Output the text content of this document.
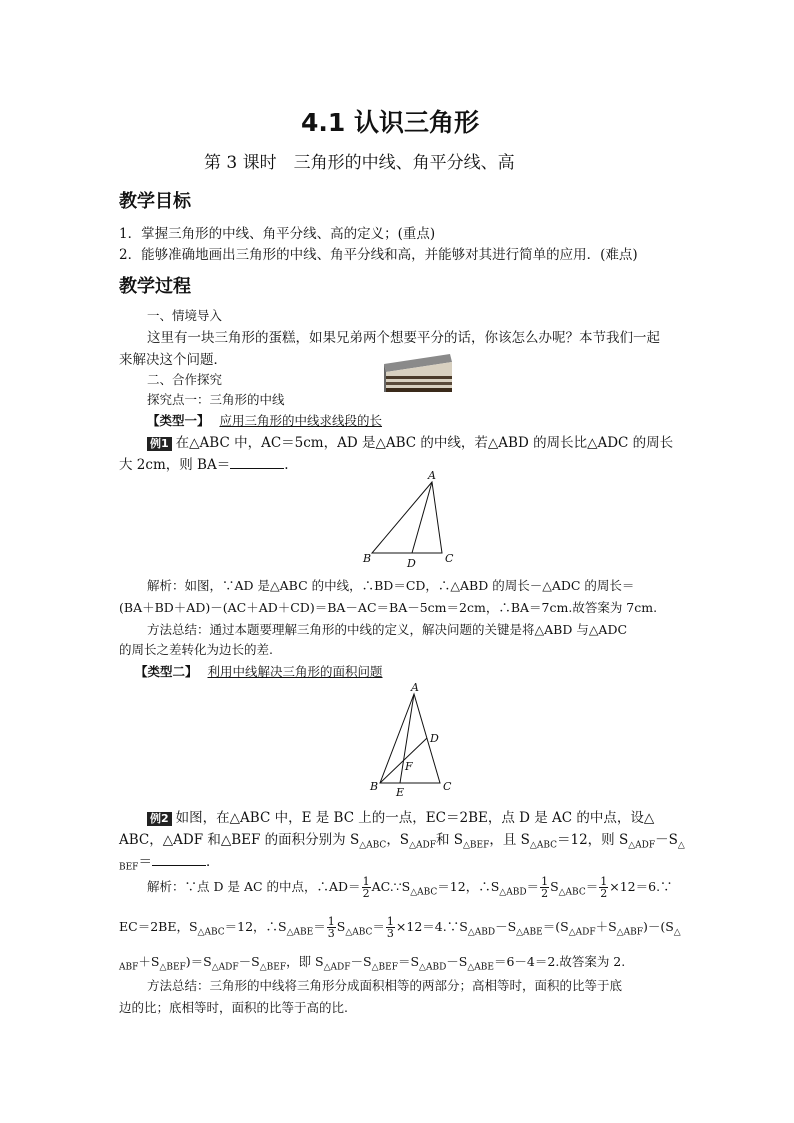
4.1 认识三角形
第 3 课时　三角形的中线、角平分线、高
教学目标
1．掌握三角形的中线、角平分线、高的定义；(重点)
2．能够准确地画出三角形的中线、角平分线和高，并能够对其进行简单的应用．(难点)
教学过程
一、情境导入
这里有一块三角形的蛋糕，如果兄弟两个想要平分的话，你该怎么办呢？本节我们一起
来解决这个问题．
二、合作探究
探究点一：三角形的中线
【类型一】 应用三角形的中线求线段的长
例1 在△ABC 中，AC＝5cm，AD 是△ABC 的中线，若△ABD 的周长比△ADC 的周长
大 2cm，则 BA＝	.
A
B	D	C
解析：如图，∵AD 是△ABC 的中线，∴BD＝CD，∴△ABD 的周长－△ADC 的周长＝
(BA＋BD＋AD)－(AC＋AD＋CD)＝BA－AC＝BA－5cm＝2cm，∴BA＝7cm.故答案为 7cm.
方法总结：通过本题要理解三角形的中线的定义，解决问题的关键是将△ABD 与△ADC
的周长之差转化为边长的差.
【类型二】 利用中线解决三角形的面积问题
A
D
F
B E	C
例2 如图，在△ABC 中，E 是 BC 上的一点，EC＝2BE，点 D 是 AC 的中点，设△
ABC，△ADF 和△BEF 的面积分别为 $S_{\triangle ABC}$，$S_{\triangle ADF}$和 $S_{\triangle BEF}$，且 $S_{\triangle ABC}=12$，则 $S_{\triangle ADF}-S_\triangle$
$_{BEF}$＝	．
解析：∵点 D 是 AC 的中点，∴AD＝ $\frac{1}{2}$ $AC.\because S_{\triangle ABC}=12$，$\therefore S_{\triangle ABD}= \frac{1}{2} S_{\triangle ABC}= \frac{1}{2}$ ×12＝6.∵
EC＝2BE，$S_{\triangle ABC}=12$，$\therefore S_{\triangle ABE}= \frac{1}{3} S_{\triangle ABC}= \frac{1}{3}$ $\times 12=4.\because S_{\triangle ABD}-S_{\triangle ABE}=(S_{\triangle ADF}+S_{\triangle ABF})-(S_\triangle$
$_{ABF}+S_{\triangle BEF})=S_{\triangle ADF}-S_{\triangle BEF}$，即 $S_{\triangle ADF}-S_{\triangle BEF}=S_{\triangle ABD}-S_{\triangle ABE}=6-4=2$.故答案为 2.
方法总结：三角形的中线将三角形分成面积相等的两部分；高相等时，面积的比等于底
边的比；底相等时，面积的比等于高的比.
